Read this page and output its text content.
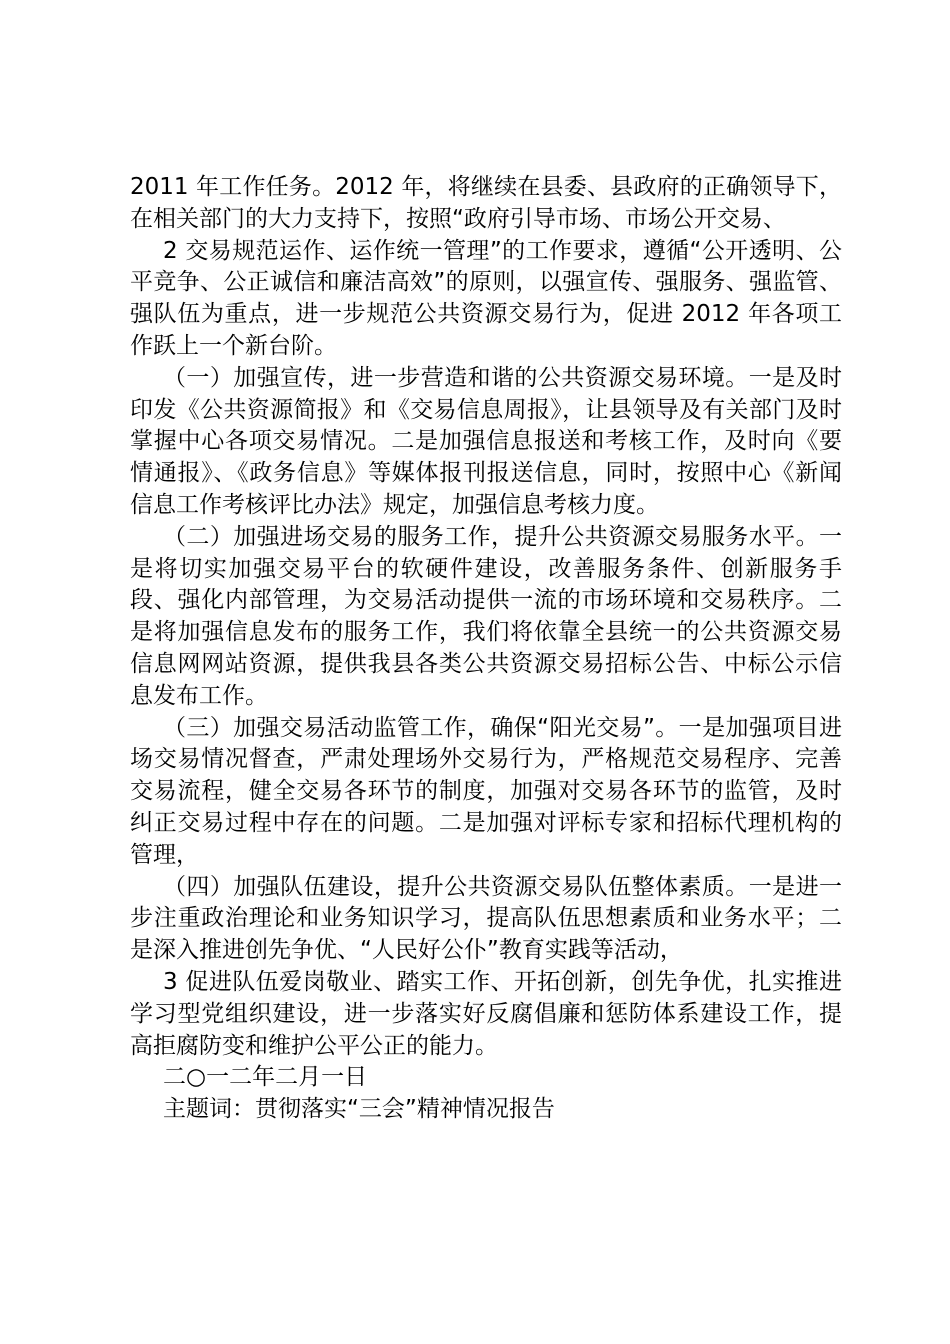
2011 年工作任务。2012 年，将继续在县委、县政府的正确领导下，在相关部门的大力支持下，按照“政府引导市场、市场公开交易、

2 交易规范运作、运作统一管理”的工作要求，遵循“公开透明、公平竞争、公正诚信和廉洁高效”的原则，以强宣传、强服务、强监管、强队伍为重点，进一步规范公共资源交易行为，促进 2012 年各项工作跃上一个新台阶。

（一）加强宣传，进一步营造和谐的公共资源交易环境。一是及时印发《公共资源简报》和《交易信息周报》，让县领导及有关部门及时掌握中心各项交易情况。二是加强信息报送和考核工作，及时向《要情通报》、《政务信息》等媒体报刊报送信息，同时，按照中心《新闻信息工作考核评比办法》规定，加强信息考核力度。

（二）加强进场交易的服务工作，提升公共资源交易服务水平。一是将切实加强交易平台的软硬件建设，改善服务条件、创新服务手段、强化内部管理，为交易活动提供一流的市场环境和交易秩序。二是将加强信息发布的服务工作，我们将依靠全县统一的公共资源交易信息网网站资源，提供我县各类公共资源交易招标公告、中标公示信息发布工作。

（三）加强交易活动监管工作，确保“阳光交易”。一是加强项目进场交易情况督查，严肃处理场外交易行为，严格规范交易程序、完善交易流程，健全交易各环节的制度，加强对交易各环节的监管，及时纠正交易过程中存在的问题。二是加强对评标专家和招标代理机构的管理，

（四）加强队伍建设，提升公共资源交易队伍整体素质。一是进一步注重政治理论和业务知识学习，提高队伍思想素质和业务水平；二是深入推进创先争优、“人民好公仆”教育实践等活动，

3 促进队伍爱岗敬业、踏实工作、开拓创新，创先争优，扎实推进学习型党组织建设，进一步落实好反腐倡廉和惩防体系建设工作，提高拒腐防变和维护公平公正的能力。

二○一二年二月一日

主题词：贯彻落实“三会”精神情况报告
